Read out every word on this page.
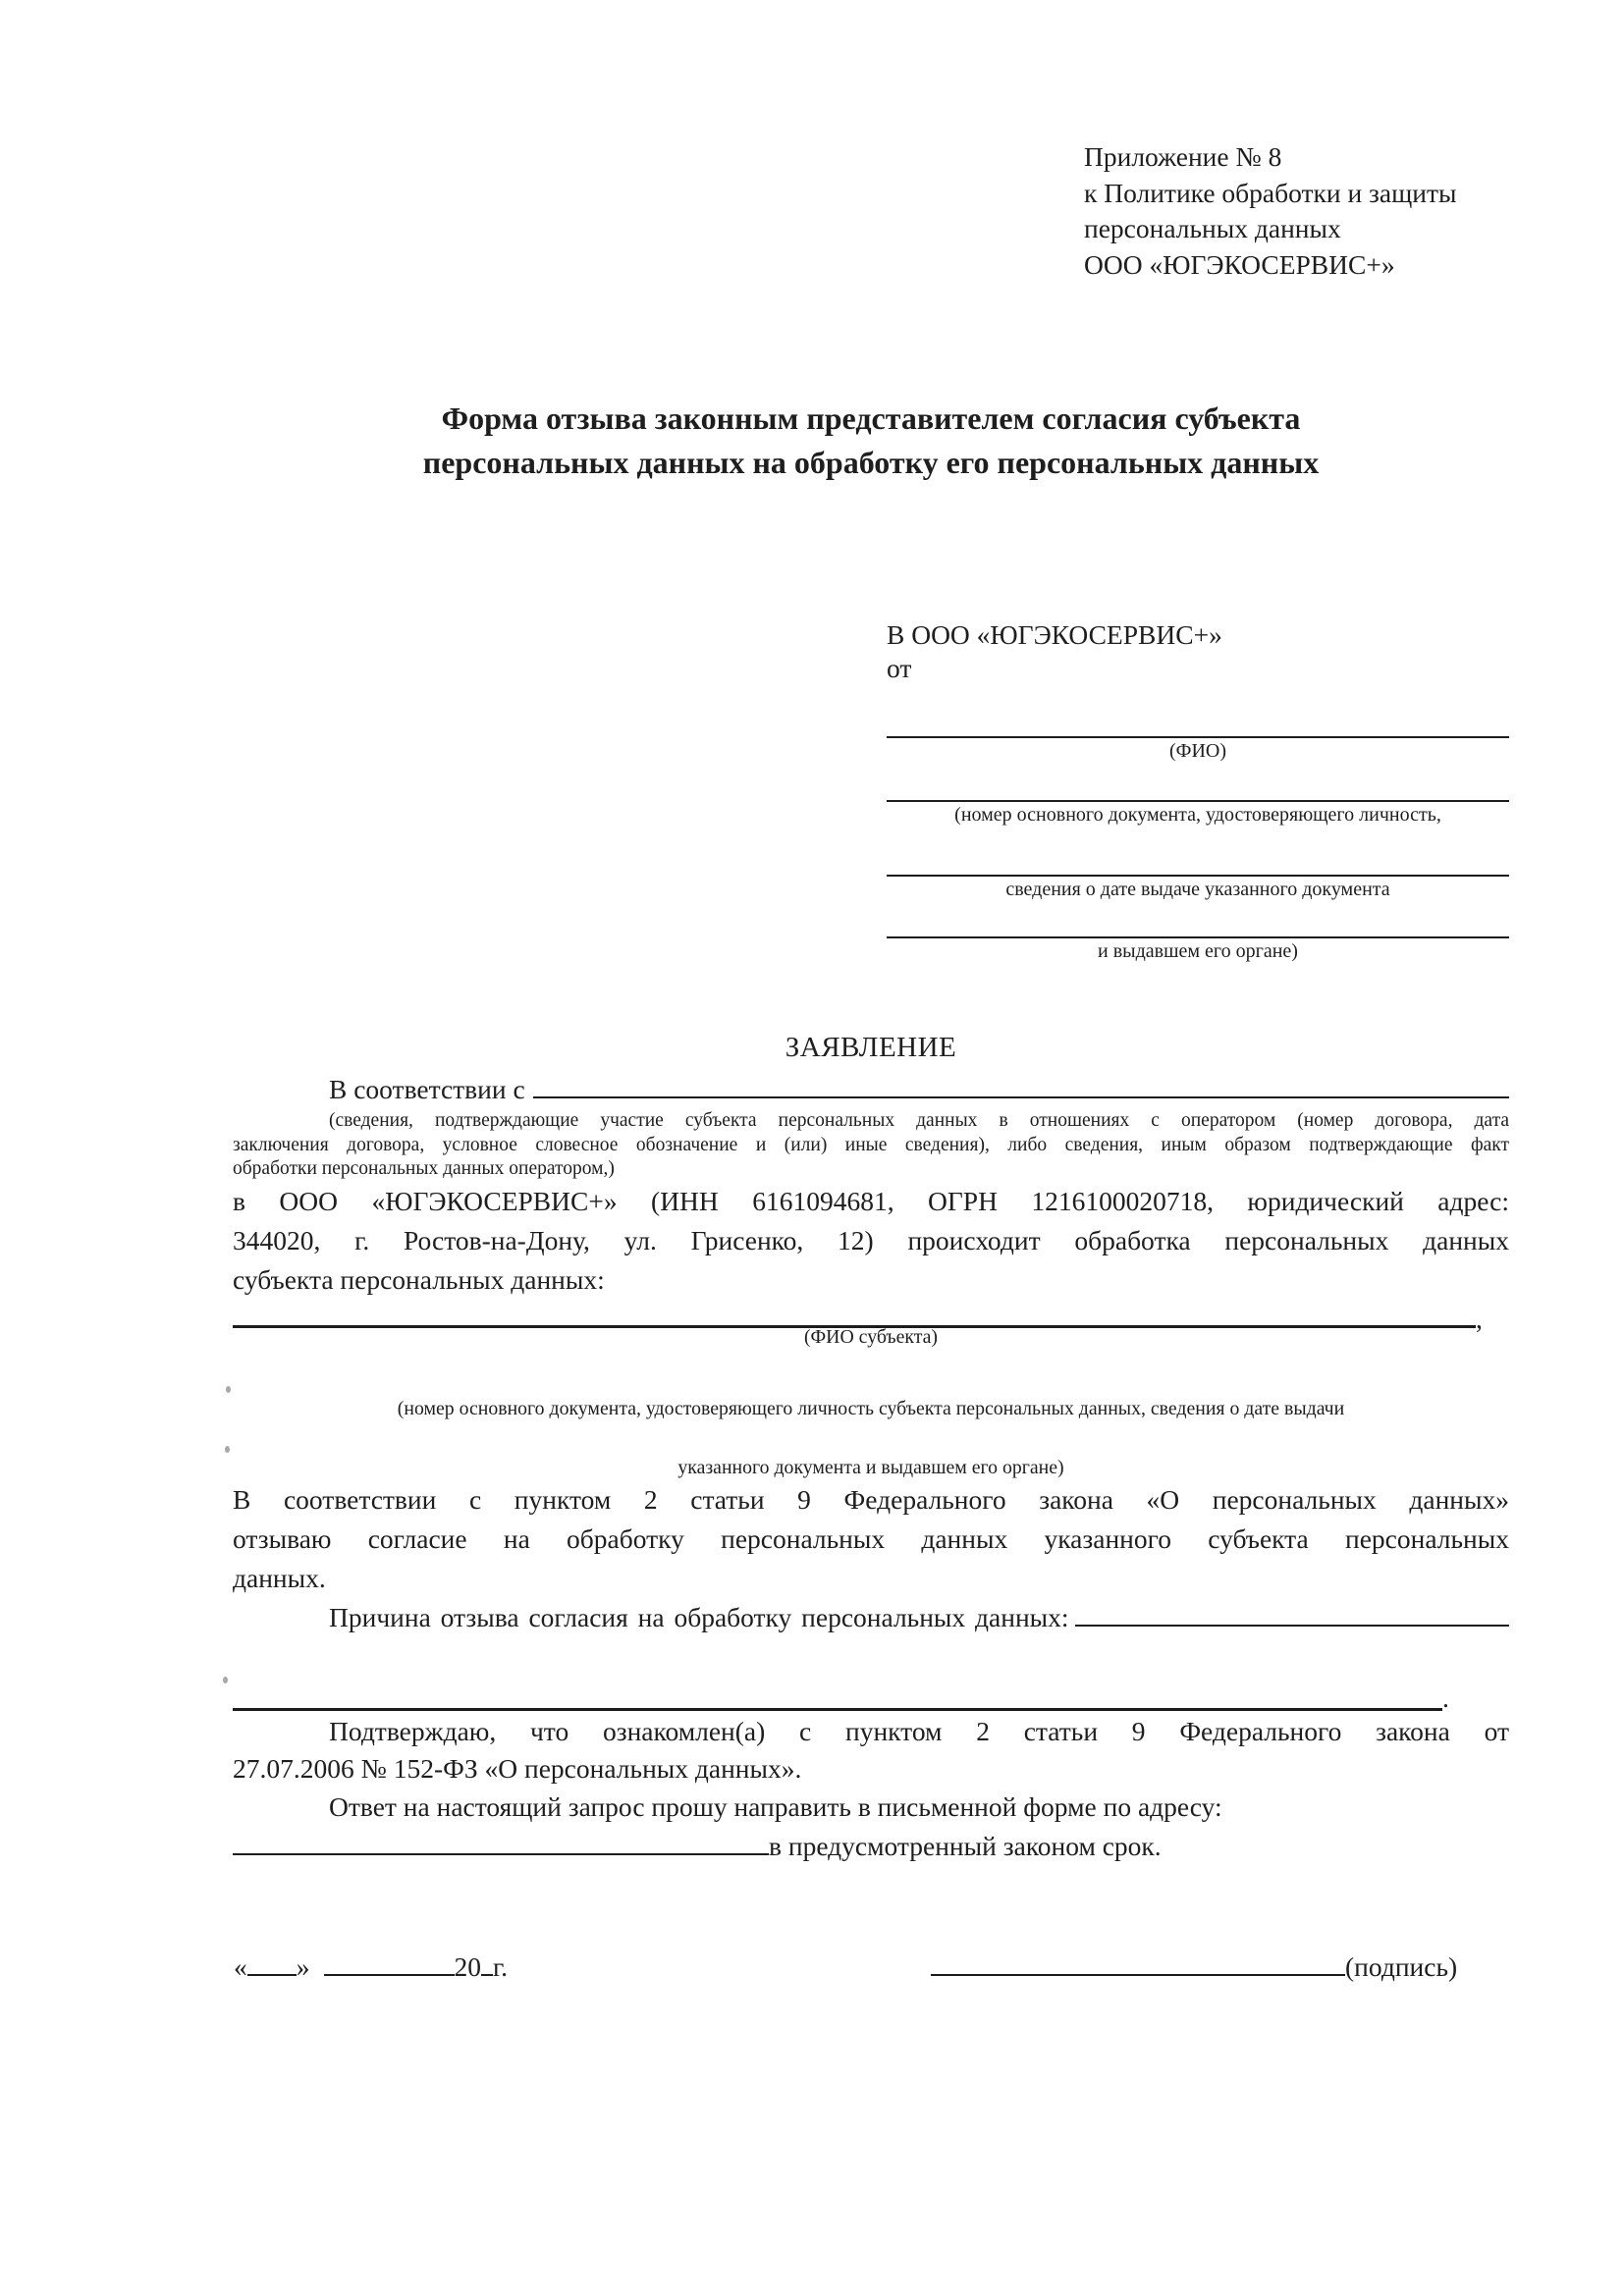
Приложение № 8
к Политике обработки и защиты
персональных данных
ООО «ЮГЭКОСЕРВИС+»
Форма отзыва законным представителем согласия субъекта
персональных данных на обработку его персональных данных
В ООО «ЮГЭКОСЕРВИС+»
от
(ФИО)
(номер основного документа, удостоверяющего личность,
сведения о дате выдаче указанного документа
и выдавшем его органе)
ЗАЯВЛЕНИЕ
В соответствии с
(сведения, подтверждающие участие субъекта персональных данных в отношениях с оператором (номер договора, дата
заключения договора, условное словесное обозначение и (или) иные сведения), либо сведения, иным образом подтверждающие факт
обработки персональных данных оператором,)
в ООО «ЮГЭКОСЕРВИС+» (ИНН 6161094681, ОГРН 1216100020718, юридический адрес:
344020, г. Ростов-на-Дону, ул. Грисенко, 12) происходит обработка персональных данных
субъекта персональных данных:
,
(ФИО субъекта)
(номер основного документа, удостоверяющего личность субъекта персональных данных, сведения о дате выдачи
указанного документа и выдавшем его органе)
В соответствии с пунктом 2 статьи 9 Федерального закона «О персональных данных»
отзываю согласие на обработку персональных данных указанного субъекта персональных
данных.
Причина отзыва согласия на обработку персональных данных:
.
Подтверждаю, что ознакомлен(а) с пунктом 2 статьи 9 Федерального закона от
27.07.2006 № 152-ФЗ «О персональных данных».
Ответ на настоящий запрос прошу направить в письменной форме по адресу:
в предусмотренный законом срок.
« »	20 г.	(подпись)
